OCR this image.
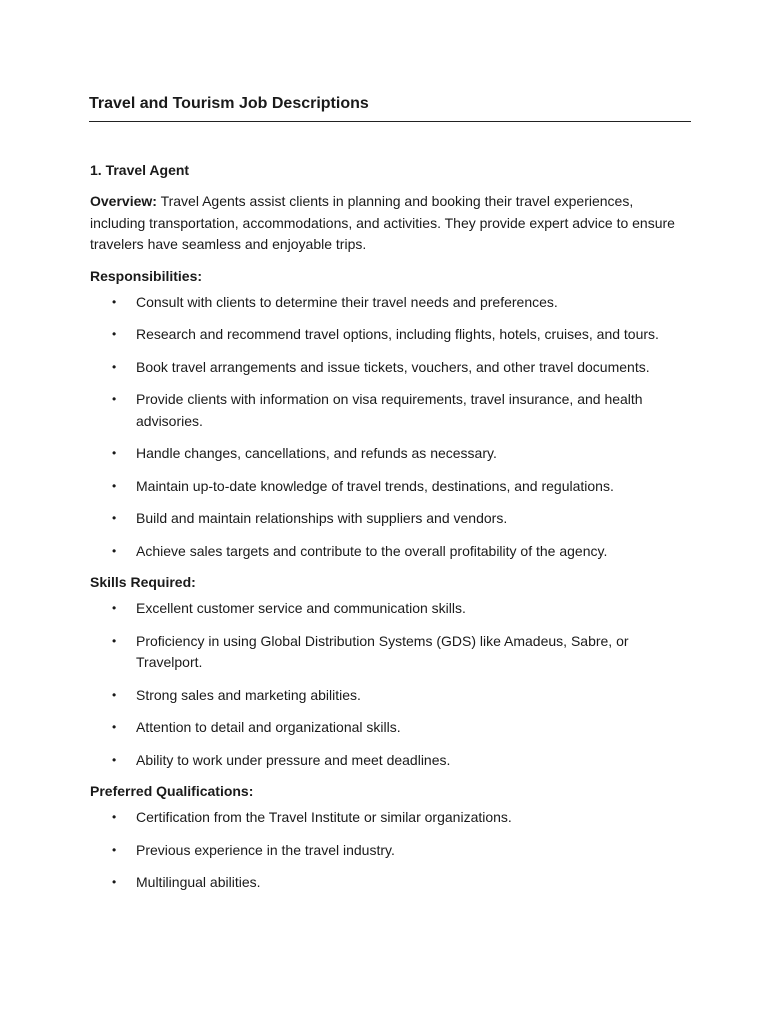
Travel and Tourism Job Descriptions
1. Travel Agent

Overview: Travel Agents assist clients in planning and booking their travel experiences, including transportation, accommodations, and activities. They provide expert advice to ensure travelers have seamless and enjoyable trips.

Responsibilities:
• Consult with clients to determine their travel needs and preferences.
• Research and recommend travel options, including flights, hotels, cruises, and tours.
• Book travel arrangements and issue tickets, vouchers, and other travel documents.
• Provide clients with information on visa requirements, travel insurance, and health advisories.
• Handle changes, cancellations, and refunds as necessary.
• Maintain up-to-date knowledge of travel trends, destinations, and regulations.
• Build and maintain relationships with suppliers and vendors.
• Achieve sales targets and contribute to the overall profitability of the agency.
Skills Required:
• Excellent customer service and communication skills.
• Proficiency in using Global Distribution Systems (GDS) like Amadeus, Sabre, or Travelport.
• Strong sales and marketing abilities.
• Attention to detail and organizational skills.
• Ability to work under pressure and meet deadlines.
Preferred Qualifications:
• Certification from the Travel Institute or similar organizations.
• Previous experience in the travel industry.
• Multilingual abilities.
